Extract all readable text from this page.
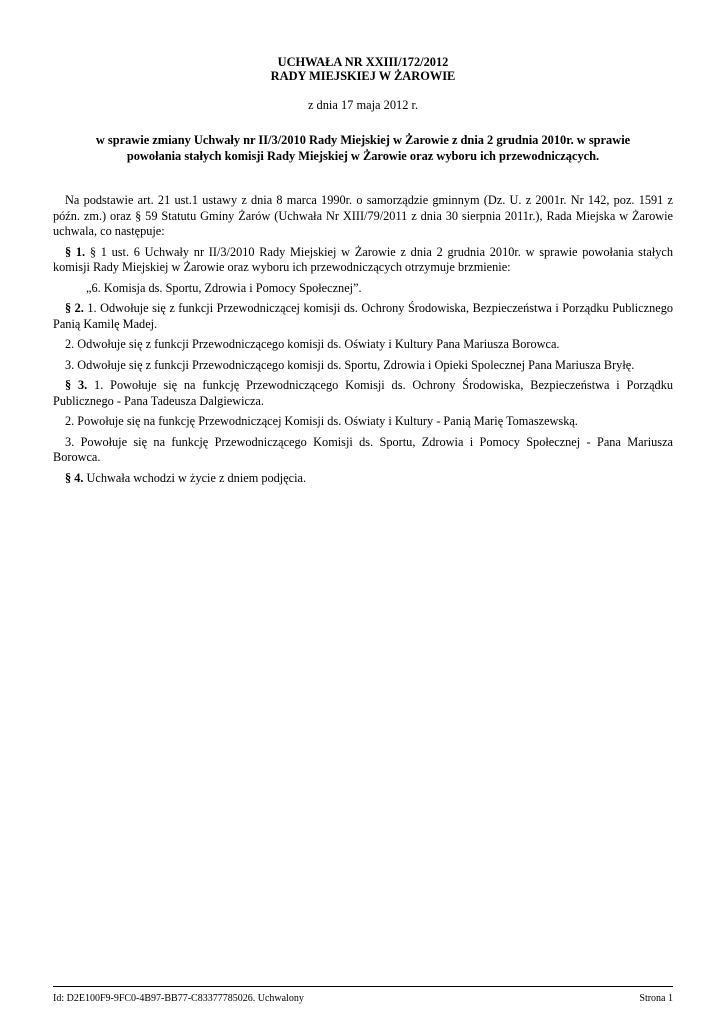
UCHWAŁA NR XXIII/172/2012
RADY MIEJSKIEJ W ŻAROWIE
z dnia 17 maja 2012 r.
w sprawie zmiany Uchwały nr II/3/2010 Rady Miejskiej w Żarowie z dnia 2 grudnia 2010r. w sprawie
powołania stałych komisji Rady Miejskiej w Żarowie oraz wyboru ich przewodniczących.

Na podstawie art. 21 ust.1 ustawy z dnia 8 marca 1990r. o samorządzie gminnym (Dz. U. z 2001r. Nr 142, poz. 1591 z późn. zm.) oraz § 59 Statutu Gminy Żarów (Uchwała Nr XIII/79/2011 z dnia 30 sierpnia 2011r.), Rada Miejska w Żarowie uchwala, co następuje:

§ 1. § 1 ust. 6 Uchwały nr II/3/2010 Rady Miejskiej w Żarowie z dnia 2 grudnia 2010r. w sprawie powołania stałych komisji Rady Miejskiej w Żarowie oraz wyboru ich przewodniczących otrzymuje brzmienie:

„6. Komisja ds. Sportu, Zdrowia i Pomocy Społecznej”.

§ 2. 1. Odwołuje się z funkcji Przewodniczącej komisji ds. Ochrony Środowiska, Bezpieczeństwa i Porządku Publicznego Panią Kamilę Madej.

2. Odwołuje się z funkcji Przewodniczącego komisji ds. Oświaty i Kultury Pana Mariusza Borowca.

3. Odwołuje się z funkcji Przewodniczącego komisji ds. Sportu, Zdrowia i Opieki Spolecznej Pana Mariusza Bryłę.

§ 3. 1. Powołuje się na funkcję Przewodniczącego Komisji ds. Ochrony Środowiska, Bezpieczeństwa i Porządku Publicznego - Pana Tadeusza Dalgiewicza.

2. Powołuje się na funkcję Przewodniczącej Komisji ds. Oświaty i Kultury - Panią Marię Tomaszewską.

3. Powołuje się na funkcję Przewodniczącego Komisji ds. Sportu, Zdrowia i Pomocy Społecznej - Pana Mariusza Borowca.

§ 4. Uchwała wchodzi w życie z dniem podjęcia.

Id: D2E100F9-9FC0-4B97-BB77-C83377785026. Uchwalony	Strona 1
